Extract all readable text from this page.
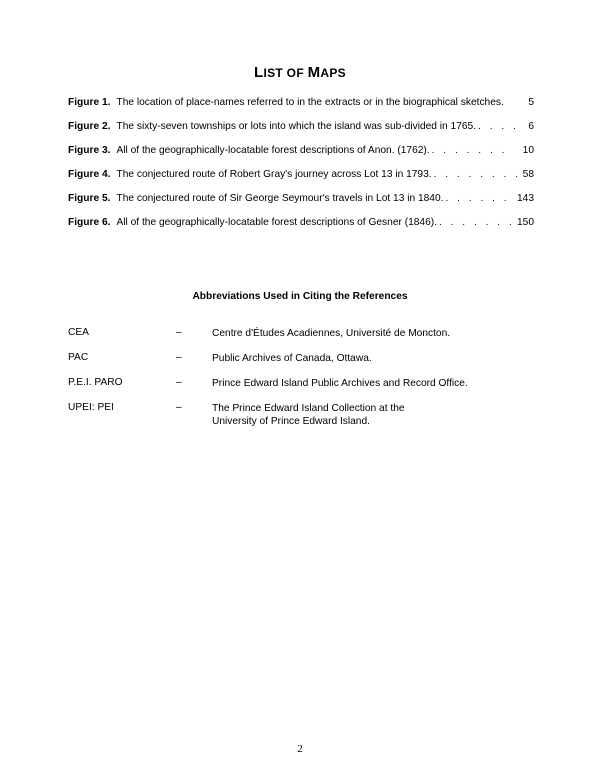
LIST OF MAPS
Figure 1. The location of place-names referred to in the extracts or in the biographical sketches.	5
Figure 2. The sixty-seven townships or lots into which the island was sub-divided in 1765. . . . . 6
Figure 3. All of the geographically-locatable forest descriptions of Anon. (1762). . . . . . . .	10
Figure 4. The conjectured route of Robert Gray's journey across Lot 13 in 1793. . . . . . . . . 58
Figure 5. The conjectured route of Sir George Seymour's travels in Lot 13 in 1840. . . . . . . 143
Figure 6. All of the geographically-locatable forest descriptions of Gesner (1846). . . . . . . . 150
Abbreviations Used in Citing the References
CEA	–	Centre d'Études Acadiennes, Université de Moncton.
PAC	–	Public Archives of Canada, Ottawa.
P.E.I. PARO	–	Prince Edward Island Public Archives and Record Office.
UPEI: PEI	–	The Prince Edward Island Collection at the
University of Prince Edward Island.
2
